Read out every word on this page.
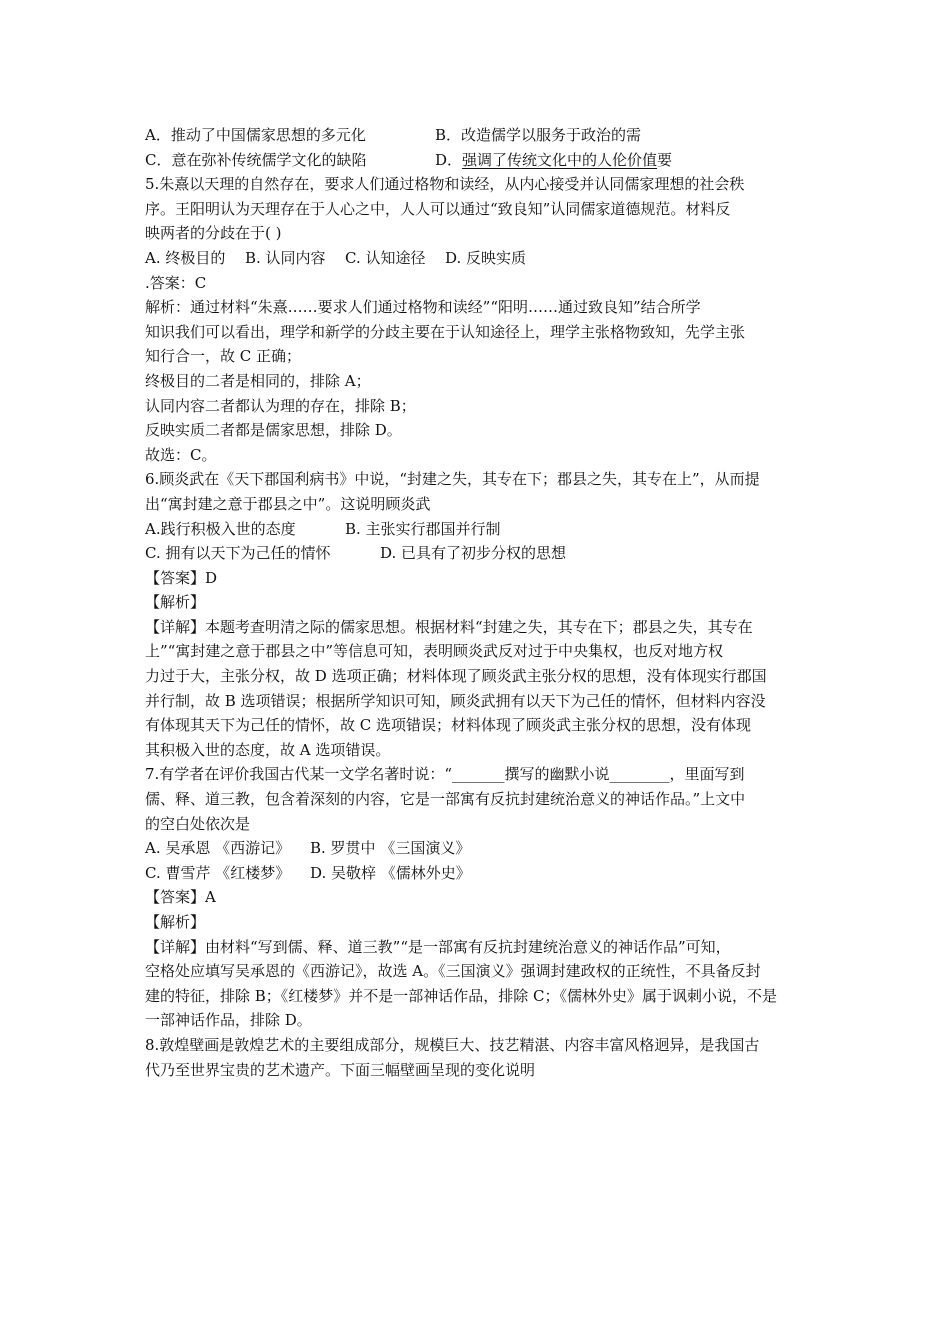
A．推动了中国儒家思想的多元化	B．改造儒学以服务于政治的需
C．意在弥补传统儒学文化的缺陷	D．强调了传统文化中的人伦价值要
5.朱熹以天理的自然存在，要求人们通过格物和读经，从内心接受并认同儒家理想的社会秩
序。王阳明认为天理存在于人心之中，人人可以通过“致良知”认同儒家道德规范。材料反
映两者的分歧在于( )
A. 终极目的	B. 认同内容	C. 认知途径	D. 反映实质
.答案：C
解析：通过材料“朱熹……要求人们通过格物和读经”“阳明……通过致良知”结合所学
知识我们可以看出，理学和新学的分歧主要在于认知途径上，理学主张格物致知，先学主张
知行合一，故 C 正确；
终极目的二者是相同的，排除 A；
认同内容二者都认为理的存在，排除 B；
反映实质二者都是儒家思想，排除 D。
故选：C。
6.顾炎武在《天下郡国利病书》中说，“封建之失，其专在下；郡县之失，其专在上”，从而提
出“寓封建之意于郡县之中”。这说明顾炎武
A.践行积极入世的态度	B. 主张实行郡国并行制
C. 拥有以天下为己任的情怀	D. 已具有了初步分权的思想
【答案】D
【解析】
【详解】本题考查明清之际的儒家思想。根据材料“封建之失，其专在下；郡县之失，其专在
上”“寓封建之意于郡县之中”等信息可知，表明顾炎武反对过于中央集权，也反对地方权
力过于大，主张分权，故 D 选项正确；材料体现了顾炎武主张分权的思想，没有体现实行郡国
并行制，故 B 选项错误；根据所学知识可知，顾炎武拥有以天下为己任的情怀，但材料内容没
有体现其天下为己任的情怀，故 C 选项错误；材料体现了顾炎武主张分权的思想，没有体现
其积极入世的态度，故 A 选项错误。
7.有学者在评价我国古代某一文学名著时说：“_______撰写的幽默小说________，里面写到
儒、释、道三教，包含着深刻的内容，它是一部寓有反抗封建统治意义的神话作品。”上文中
的空白处依次是
A. 吴承恩 《西游记》	B. 罗贯中 《三国演义》
C. 曹雪芹 《红楼梦》	D. 吴敬梓 《儒林外史》
【答案】A
【解析】
【详解】由材料“写到儒、释、道三教”“是一部寓有反抗封建统治意义的神话作品”可知，
空格处应填写吴承恩的《西游记》，故选 A。《三国演义》强调封建政权的正统性，不具备反封
建的特征，排除 B；《红楼梦》并不是一部神话作品，排除 C；《儒林外史》属于讽刺小说，不是
一部神话作品，排除 D。
8.敦煌壁画是敦煌艺术的主要组成部分，规模巨大、技艺精湛、内容丰富风格迥异，是我国古
代乃至世界宝贵的艺术遗产。下面三幅壁画呈现的变化说明
